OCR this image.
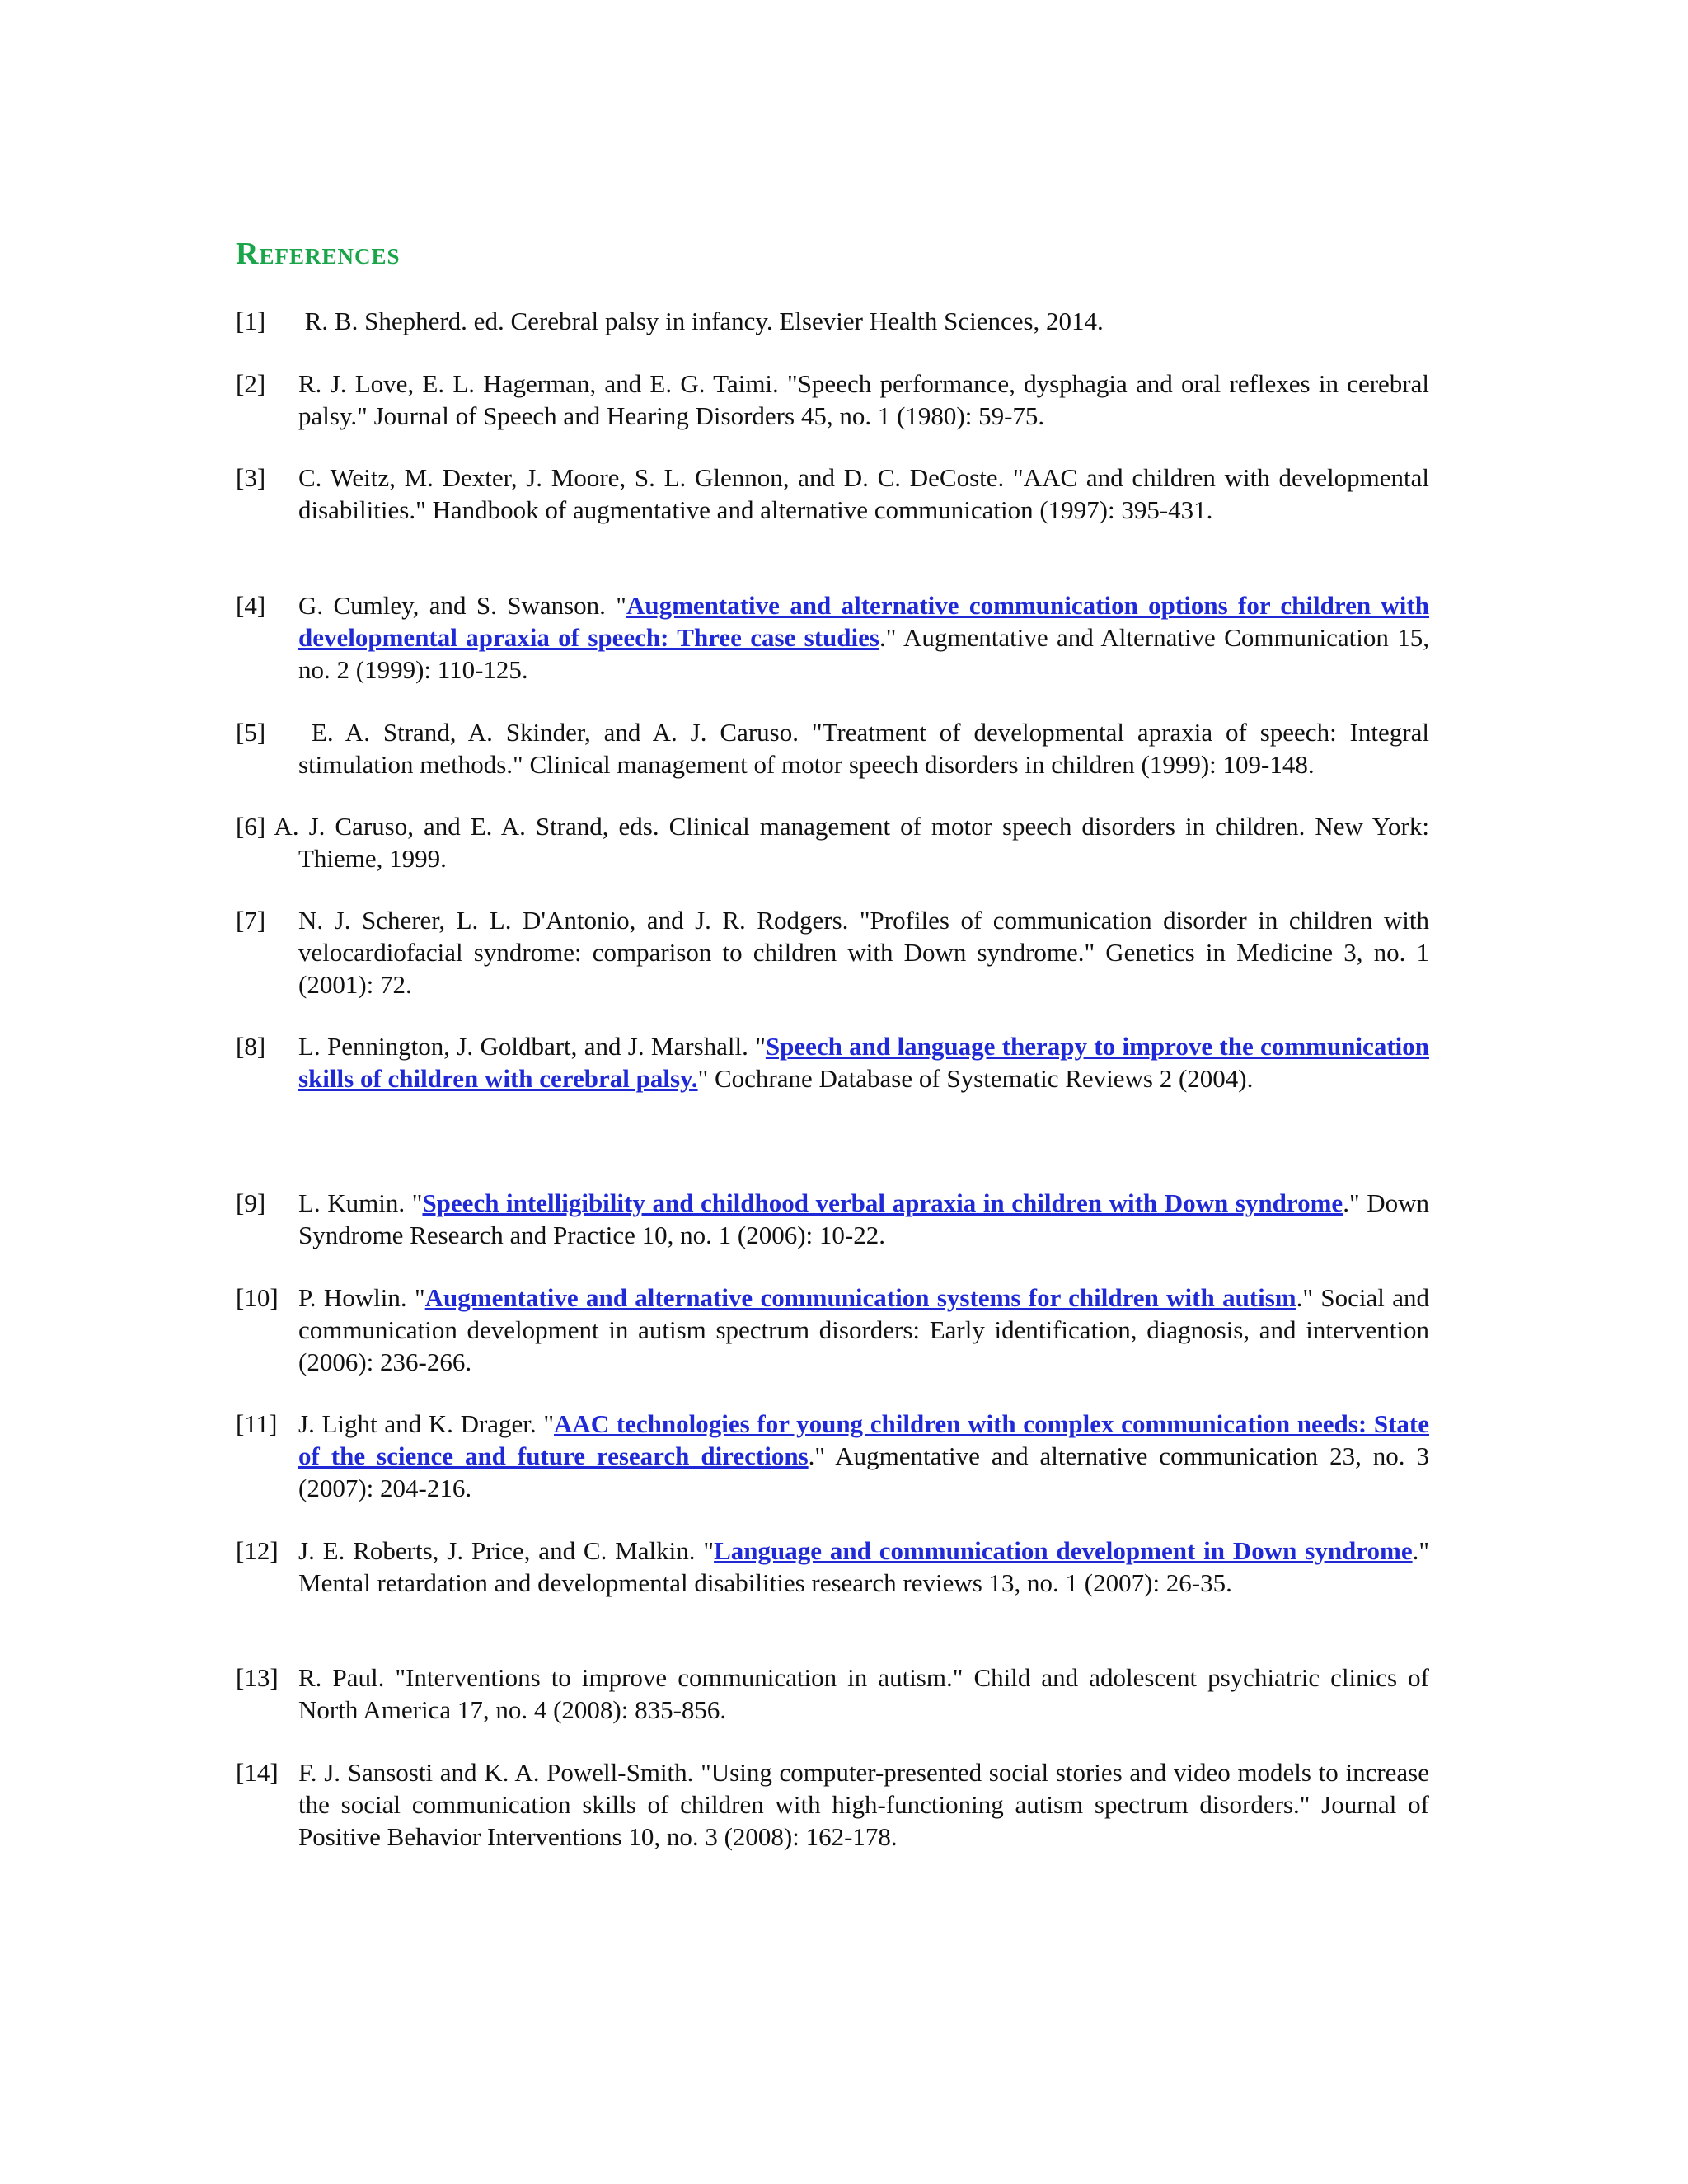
References
[1] R. B. Shepherd. ed. Cerebral palsy in infancy. Elsevier Health Sciences, 2014.
[2] R. J. Love, E. L. Hagerman, and E. G. Taimi. "Speech performance, dysphagia and oral reflexes in cerebral palsy." Journal of Speech and Hearing Disorders 45, no. 1 (1980): 59-75.
[3] C. Weitz, M. Dexter, J. Moore, S. L. Glennon, and D. C. DeCoste. "AAC and children with developmental disabilities." Handbook of augmentative and alternative communication (1997): 395-431.
[4] G. Cumley, and S. Swanson. "Augmentative and alternative communication options for children with developmental apraxia of speech: Three case studies." Augmentative and Alternative Communication 15, no. 2 (1999): 110-125.
[5] E. A. Strand, A. Skinder, and A. J. Caruso. "Treatment of developmental apraxia of speech: Integral stimulation methods." Clinical management of motor speech disorders in children (1999): 109-148.
[6] A. J. Caruso, and E. A. Strand, eds. Clinical management of motor speech disorders in children. New York: Thieme, 1999.
[7] N. J. Scherer, L. L. D'Antonio, and J. R. Rodgers. "Profiles of communication disorder in children with velocardiofacial syndrome: comparison to children with Down syndrome." Genetics in Medicine 3, no. 1 (2001): 72.
[8] L. Pennington, J. Goldbart, and J. Marshall. "Speech and language therapy to improve the communication skills of children with cerebral palsy." Cochrane Database of Systematic Reviews 2 (2004).
[9] L. Kumin. "Speech intelligibility and childhood verbal apraxia in children with Down syndrome." Down Syndrome Research and Practice 10, no. 1 (2006): 10-22.
[10] P. Howlin. "Augmentative and alternative communication systems for children with autism." Social and communication development in autism spectrum disorders: Early identification, diagnosis, and intervention (2006): 236-266.
[11] J. Light and K. Drager. "AAC technologies for young children with complex communication needs: State of the science and future research directions." Augmentative and alternative communication 23, no. 3 (2007): 204-216.
[12] J. E. Roberts, J. Price, and C. Malkin. "Language and communication development in Down syndrome." Mental retardation and developmental disabilities research reviews 13, no. 1 (2007): 26-35.
[13] R. Paul. "Interventions to improve communication in autism." Child and adolescent psychiatric clinics of North America 17, no. 4 (2008): 835-856.
[14] F. J. Sansosti and K. A. Powell-Smith. "Using computer-presented social stories and video models to increase the social communication skills of children with high-functioning autism spectrum disorders." Journal of Positive Behavior Interventions 10, no. 3 (2008): 162-178.
